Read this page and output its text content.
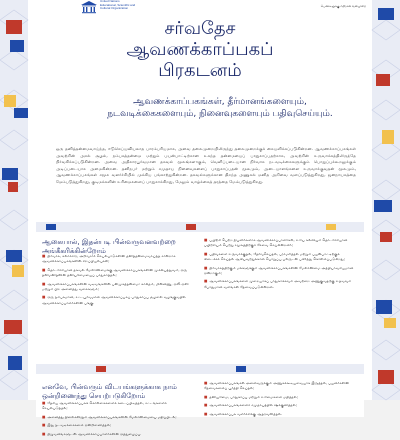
United Nations
Educational, Scientific and
Cultural Organization
பெண்களுக்கு எதிரான வன்முறை
சர்வதேச
ஆவணக்காப்பகப்
பிரகடனம்
ஆவணக்காப்பகங்கள், தீர்மானங்களையும்,
நடவடிக்கைகளையும், நினைவுகளையும் பதிவுசெய்யும்.
ஒரு தனித்தன்மைவாய்ந்த, ஈடுசெய்யவியலாத பாரம்பரியமாக, அவை தலைமுறையிலிருந்து தலைமுறைக்குக் கையளிக்கப்படுகின்றன. ஆவணக்காப்பகங்கள் அவற்றின் அசல் சூழல், நம்பகத்தன்மை மற்றும் பயன்பாட்டிற்கான உகந்த தன்மையைப் பாதுகாப்பதற்காக, அவற்றின் உருவாக்கத்திலிருந்தே நிர்வகிக்கப்படுகின்றன. அவை அதிகாரபூர்வமான தகவல் மூலங்களாகும், வெளிப்படையான நிர்வாக நடவடிக்கைகளுக்கும் பொறுப்புக்கூறலுக்கும் அடிப்படையாக அமைகின்றன. தனிநபர் மற்றும் சமுதாய நினைவுகளைப் பாதுகாப்பதன் மூலமும், அடையாளங்களை உருவாக்குவதன் மூலமும், ஆவணக்காப்பகங்கள் சமூக வளர்ச்சியில் முக்கிய பங்காற்றுகின்றன. தகவல்களுக்கான திறந்த அணுகல் மனித அறிவை வளப்படுத்துகிறது, ஜனநாயகத்தை மேம்படுத்துகிறது, குடிமக்களின் உரிமைகளைப் பாதுகாக்கிறது, மேலும் வாழ்க்கைத் தரத்தை மேம்படுத்துகிறது.
ஆகையால், இதன்படி பின்வருவனவற்றை அங்கீகரிக்கின்றோம்

■ நிர்வாக, கலாச்சார, அறிவுசார் செயல்பாடுகளின் தனித்தன்மைவாய்ந்த சான்றாக ஆவணக்காப்பகங்களின் சிறப்பியல்புகள்;

■ தொடர்ச்சியான தகவல் மேலாண்மைக்கு ஆவணக்காப்பகங்களின் முக்கியத்துவம், ஒரு தனிமனிதனின் தனியுரிமையைப் பாதுகாத்தல்;

■ ஆவணக்காப்பகங்களின் வடிவங்களின் பன்முகத்தன்மை: காகிதம், மின்னணு, ஒலி-ஒளி மற்றும் பிற அனைத்து வகைகளும்;

■ ஒரு நம்பகமான, சட்டபூர்வமான ஆவணக்காப்பகப் பாதுகாப்பு சூழலை வழங்குவதில் ஆவணக்காப்பாளர்களின் பங்கு.

■ பயிற்சி பெற்ற நிபுணர்களாக ஆவணக்காப்பாளர்கள், உரிய கல்வியும் தொடர்ச்சியான பயிற்சியும் பெற்று சமூகத்திற்குச் சேவை செய்கின்றனர்;

■ பதிவுகளை உருவாக்குதல், தேர்வுசெய்தல், பராமரித்தல் மற்றும் பயன்பாட்டிற்குக் கிடைக்கச் செய்தல் ஆகியவற்றுக்கான பொறுப்பு பலருடன் பகிர்ந்து கொள்ளப்படுகிறது;

■ நிர்வாகத்திற்கும் மக்களுக்கும் ஆவணக்காப்பகங்களின் மேலாண்மை அத்தியாவசியமான ஒன்றாகும்;

■ ஆவணக்காப்பகங்களை முறையாகப் பாதுகாக்கவும் அவற்றை அணுகுவதற்கு உதவவும் போதுமான வளங்கள் தேவைப்படுகின்றன.

எனவே, பின்வரும் விடயங்களுக்காக நாம் ஒன்றிணைந்து செயற்படுகிறோம்

■ ஆவணக்காப்பகங்கள் அனைவருக்கும் அணுகக்கூடியவையாக இருத்தல், பயனர்களின் தேவைகளைப் பூர்த்தி செய்தல்;

■ தனியுரிமை, பாதுகாப்பு மற்றும் உரிமைகளை மதித்தல்;

■ ஆவணக்காப்பகங்களைச் சமுதாயத்தில் ஊக்குவித்தல்;

■ ஆவணக்காப்பக வளர்ச்சிக்கு ஆதரவளித்தல்.

■ தேசிய ஆவணக்காப்பகக் கொள்கைகளைக் கடைப்பிடித்தல், சட்டங்களைச் செயல்படுத்தல்;

■ அனைத்து நிலைகளிலும் ஆவணக்காப்பகங்களின் மேலாண்மையை மதிப்பிடல்;

■ இது நடவடிக்கைகளை ஒன்றிணைத்தல்;

■ நிறுவனங்களுடன் ஆவணக்காப்பாளர்களின் ஒத்துழைப்பு.
